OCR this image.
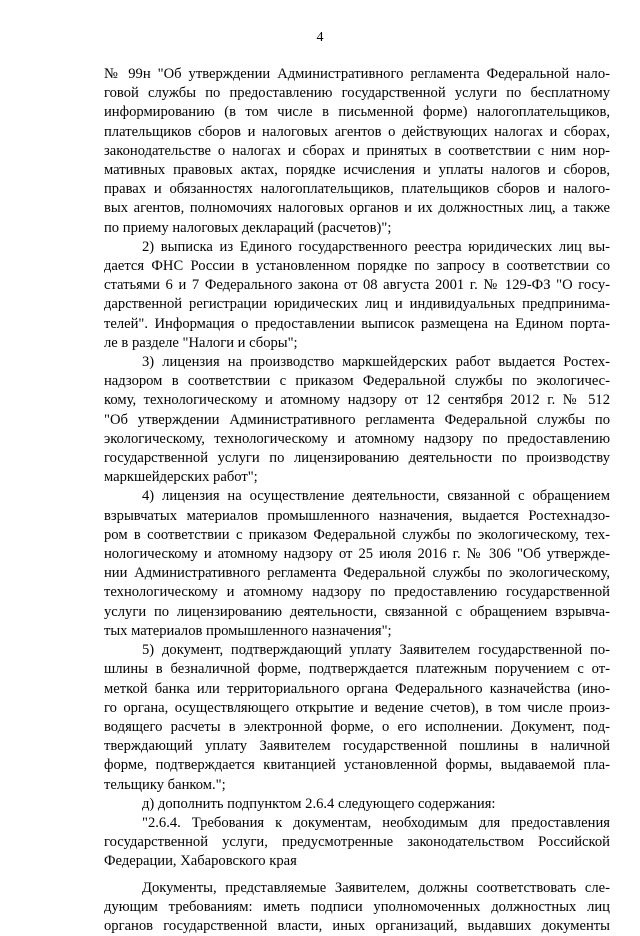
4
№ 99н "Об утверждении Административного регламента Федеральной нало-
говой службы по предоставлению государственной услуги по бесплатному
информированию (в том числе в письменной форме) налогоплательщиков,
плательщиков сборов и налоговых агентов о действующих налогах и сборах,
законодательстве о налогах и сборах и принятых в соответствии с ним нор-
мативных правовых актах, порядке исчисления и уплаты налогов и сборов,
правах и обязанностях налогоплательщиков, плательщиков сборов и налого-
вых агентов, полномочиях налоговых органов и их должностных лиц, а также
по приему налоговых деклараций (расчетов)";
2) выписка из Единого государственного реестра юридических лиц вы-
дается ФНС России в установленном порядке по запросу в соответствии со
статьями 6 и 7 Федерального закона от 08 августа 2001 г. № 129-ФЗ "О госу-
дарственной регистрации юридических лиц и индивидуальных предпринима-
телей". Информация о предоставлении выписок размещена на Едином порта-
ле в разделе "Налоги и сборы";
3) лицензия на производство маркшейдерских работ выдается Ростех-
надзором в соответствии с приказом Федеральной службы по экологичес-
кому, технологическому и атомному надзору от 12 сентября 2012 г. № 512
"Об утверждении Административного регламента Федеральной службы по
экологическому, технологическому и атомному надзору по предоставлению
государственной услуги по лицензированию деятельности по производству
маркшейдерских работ";
4) лицензия на осуществление деятельности, связанной с обращением
взрывчатых материалов промышленного назначения, выдается Ростехнадзо-
ром в соответствии с приказом Федеральной службы по экологическому, тех-
нологическому и атомному надзору от 25 июля 2016 г. № 306 "Об утвержде-
нии Административного регламента Федеральной службы по экологическому,
технологическому и атомному надзору по предоставлению государственной
услуги по лицензированию деятельности, связанной с обращением взрывча-
тых материалов промышленного назначения";
5) документ, подтверждающий уплату Заявителем государственной по-
шлины в безналичной форме, подтверждается платежным поручением с от-
меткой банка или территориального органа Федерального казначейства (ино-
го органа, осуществляющего открытие и ведение счетов), в том числе произ-
водящего расчеты в электронной форме, о его исполнении. Документ, под-
тверждающий уплату Заявителем государственной пошлины в наличной
форме, подтверждается квитанцией установленной формы, выдаваемой пла-
тельщику банком.";
д) дополнить подпунктом 2.6.4 следующего содержания:
"2.6.4. Требования к документам, необходимым для предоставления
государственной услуги, предусмотренные законодательством Российской
Федерации, Хабаровского края
Документы, представляемые Заявителем, должны соответствовать сле-
дующим требованиям: иметь подписи уполномоченных должностных лиц
органов государственной власти, иных организаций, выдавших документы
